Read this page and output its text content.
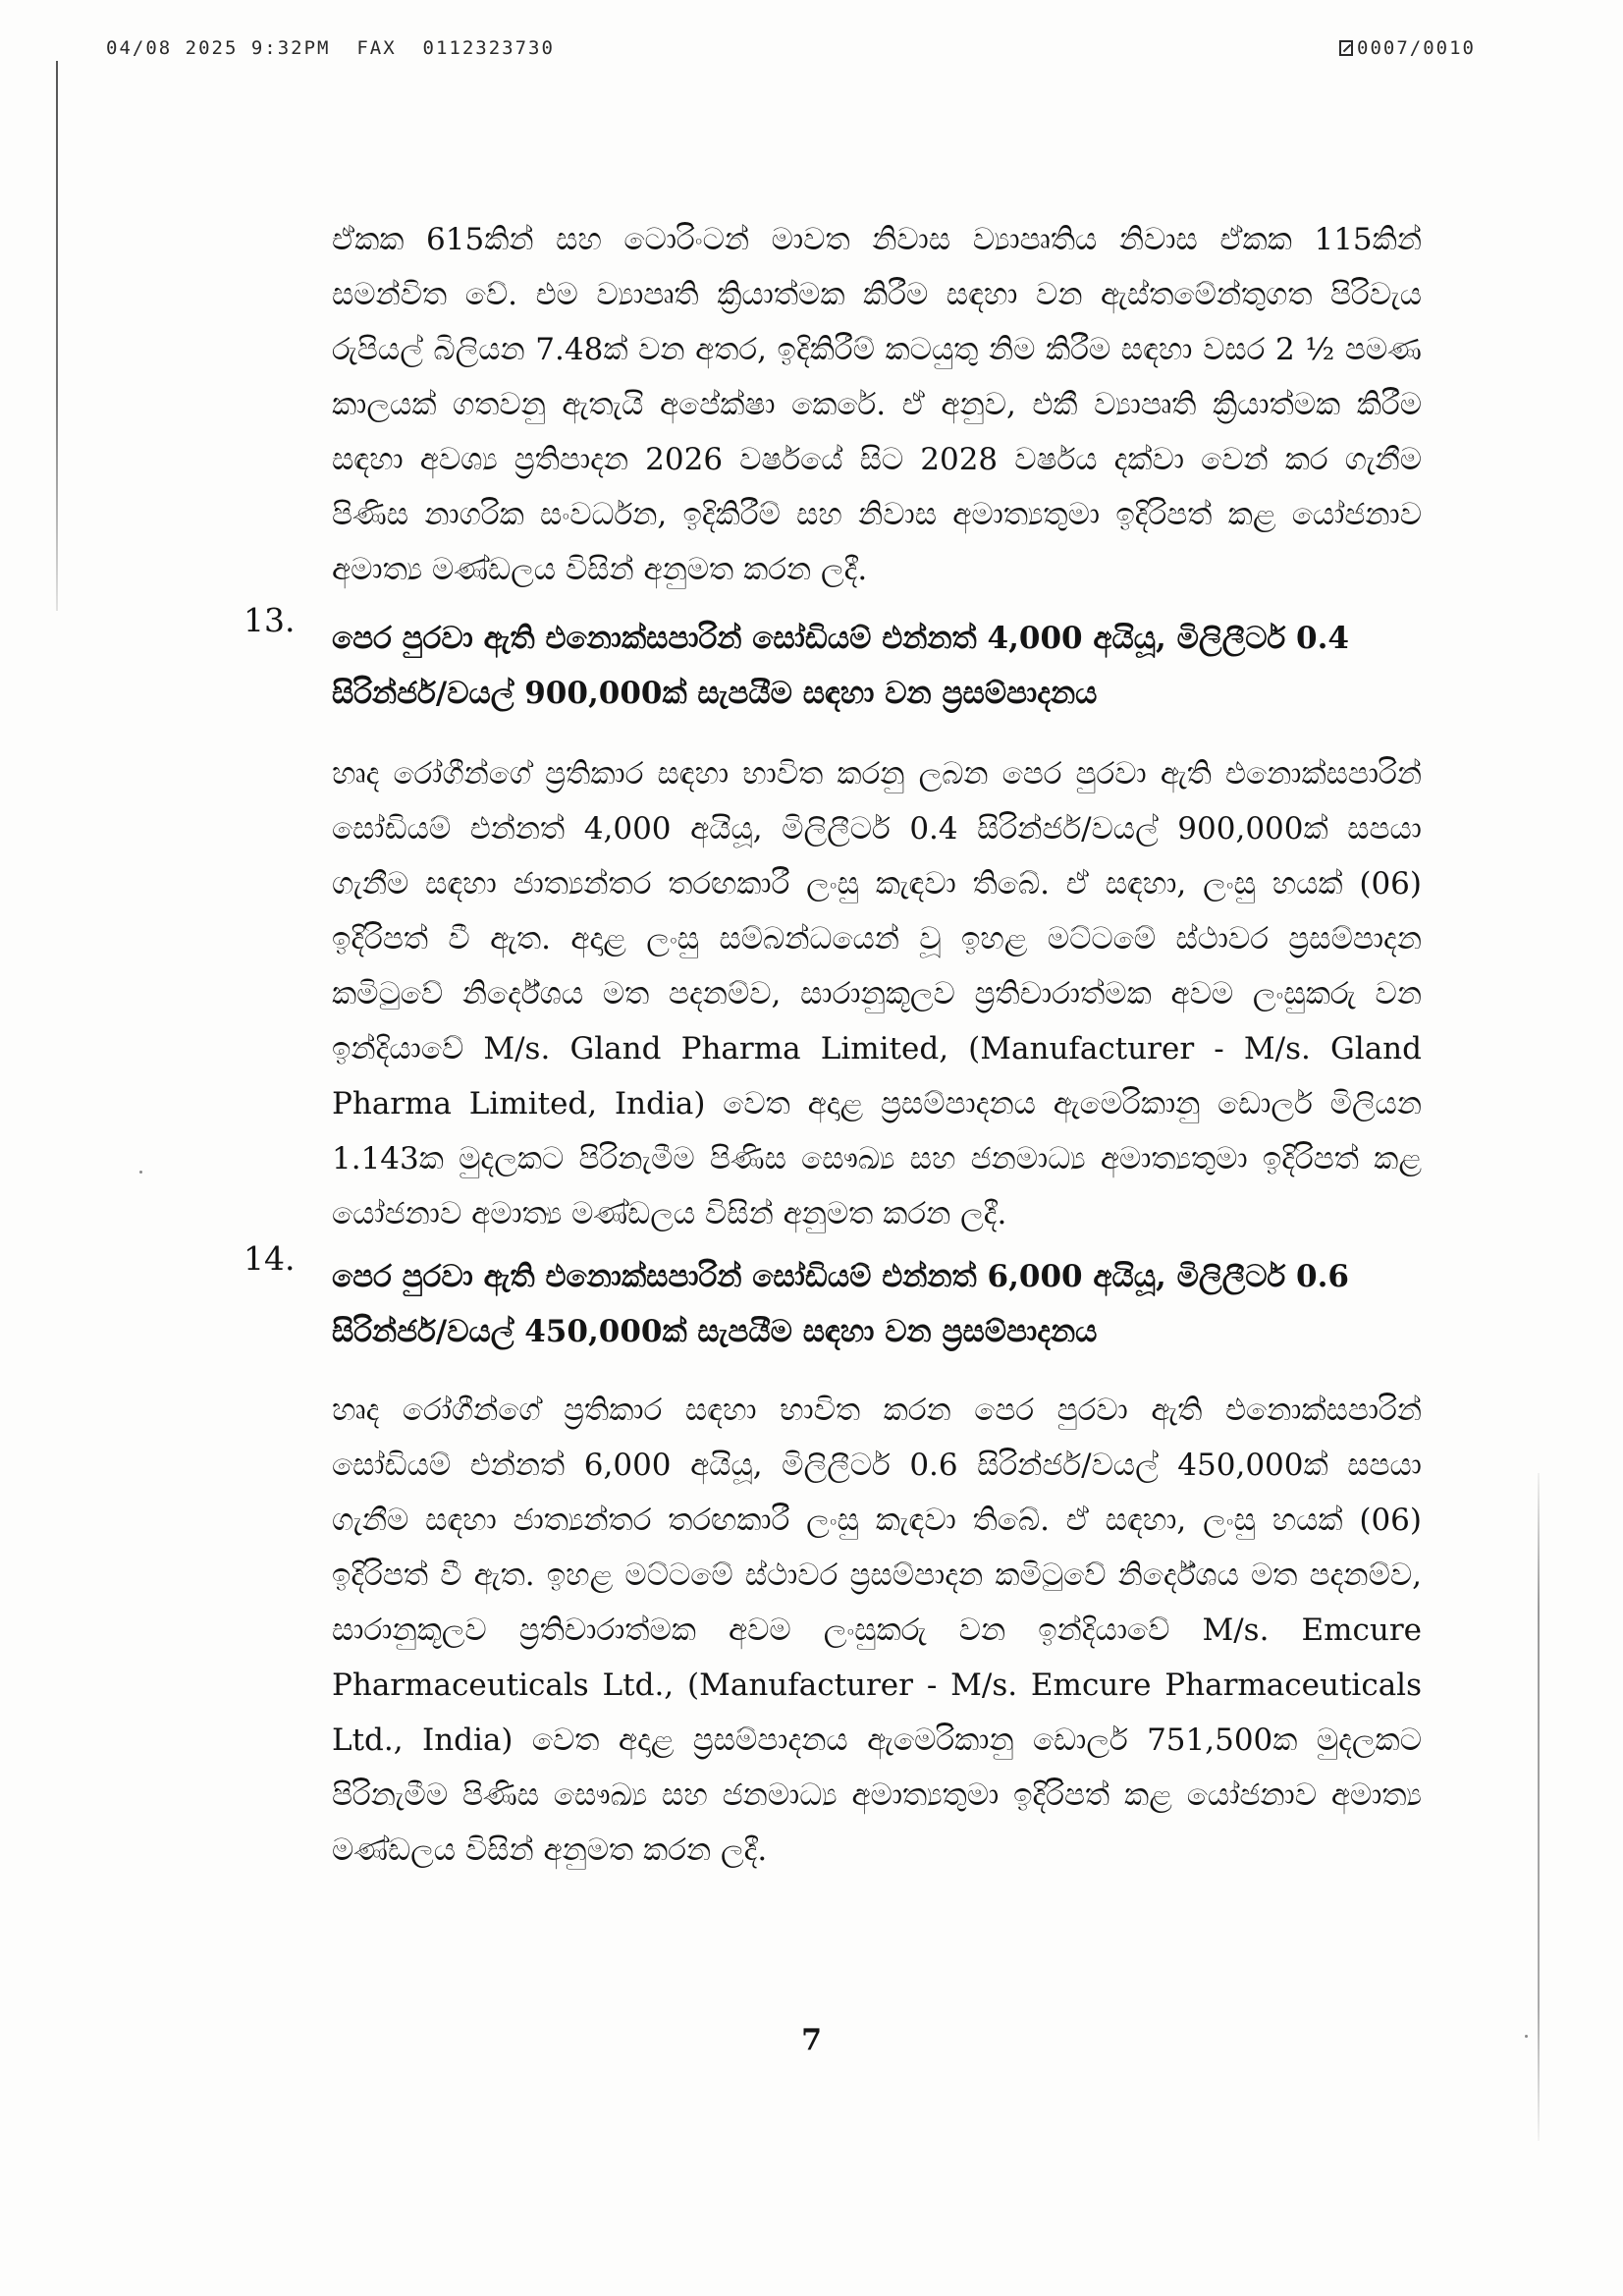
04/08 2025 9:32PM  FAX  0112323730	0007/0010
ඒකක 615කින් සහ ටොරිංටන් මාවත නිවාස ව්‍යාපෘතිය නිවාස ඒකක 115කින් සමන්විත වේ. එම ව්‍යාපෘති ක්‍රියාත්මක කිරීම සඳහා වන ඇස්තමේන්තුගත පිරිවැය රුපියල් බිලියන 7.48ක් වන අතර, ඉදිකිරීම් කටයුතු නිම කිරීම සඳහා වසර 2 ½ පමණ කාලයක් ගතවනු ඇතැයි අපේක්ෂා කෙරේ. ඒ අනුව, එකී ව්‍යාපෘති ක්‍රියාත්මක කිරීම සඳහා අවශ්‍ය ප්‍රතිපාදන 2026 වර්ෂයේ සිට 2028 වර්ෂය දක්වා වෙන් කර ගැනීම පිණිස නාගරික සංවර්ධන, ඉදිකිරීම් සහ නිවාස අමාත්‍යතුමා ඉදිරිපත් කළ යෝජනාව අමාත්‍ය මණ්ඩලය විසින් අනුමත කරන ලදී.
13. පෙර පුරවා ඇති එනොක්සපාරින් සෝඩියම් එන්නත් 4,000 අයියූ, මිලිලීටර් 0.4 සිරින්ජර්/වයල් 900,000ක් සැපයීම සඳහා වන ප්‍රසම්පාදනය
හෘද රෝගීන්ගේ ප්‍රතිකාර සඳහා භාවිත කරනු ලබන පෙර පුරවා ඇති එනොක්සපාරින් සෝඩියම් එන්නත් 4,000 අයියූ, මිලිලීටර් 0.4 සිරින්ජර්/වයල් 900,000ක් සපයා ගැනීම සඳහා ජාත්‍යන්තර තරඟකාරී ලංසු කැඳවා තිබේ. ඒ සඳහා, ලංසු හයක් (06) ඉදිරිපත් වී ඇත. අදාළ ලංසු සම්බන්ධයෙන් වූ ඉහළ මට්ටමේ ස්ථාවර ප්‍රසම්පාදන කමිටුවේ නිර්දේශය මත පදනම්ව, සාරානුකූලව ප්‍රතිචාරාත්මක අවම ලංසුකරු වන ඉන්දියාවේ M/s. Gland Pharma Limited, (Manufacturer - M/s. Gland Pharma Limited, India) වෙත අදාළ ප්‍රසම්පාදනය ඇමෙරිකානු ඩොලර් මිලියන 1.143ක මුදලකට පිරිනැමීම පිණිස සෞඛ්‍ය සහ ජනමාධ්‍ය අමාත්‍යතුමා ඉදිරිපත් කළ යෝජනාව අමාත්‍ය මණ්ඩලය විසින් අනුමත කරන ලදී.
14. පෙර පුරවා ඇති එනොක්සපාරින් සෝඩියම් එන්නත් 6,000 අයියූ, මිලිලීටර් 0.6 සිරින්ජර්/වයල් 450,000ක් සැපයීම සඳහා වන ප්‍රසම්පාදනය
හෘද රෝගීන්ගේ ප්‍රතිකාර සඳහා භාවිත කරන පෙර පුරවා ඇති එනොක්සපාරින් සෝඩියම් එන්නත් 6,000 අයියූ, මිලිලීටර් 0.6 සිරින්ජර්/වයල් 450,000ක් සපයා ගැනීම සඳහා ජාත්‍යන්තර තරඟකාරී ලංසු කැඳවා තිබේ. ඒ සඳහා, ලංසු හයක් (06) ඉදිරිපත් වී ඇත. ඉහළ මට්ටමේ ස්ථාවර ප්‍රසම්පාදන කමිටුවේ නිර්දේශය මත පදනම්ව, සාරානුකූලව ප්‍රතිචාරාත්මක අවම ලංසුකරු වන ඉන්දියාවේ M/s. Emcure Pharmaceuticals Ltd., (Manufacturer - M/s. Emcure Pharmaceuticals Ltd., India) වෙත අදාළ ප්‍රසම්පාදනය ඇමෙරිකානු ඩොලර් 751,500ක මුදලකට පිරිනැමීම පිණිස සෞඛ්‍ය සහ ජනමාධ්‍ය අමාත්‍යතුමා ඉදිරිපත් කළ යෝජනාව අමාත්‍ය මණ්ඩලය විසින් අනුමත කරන ලදී.
7
